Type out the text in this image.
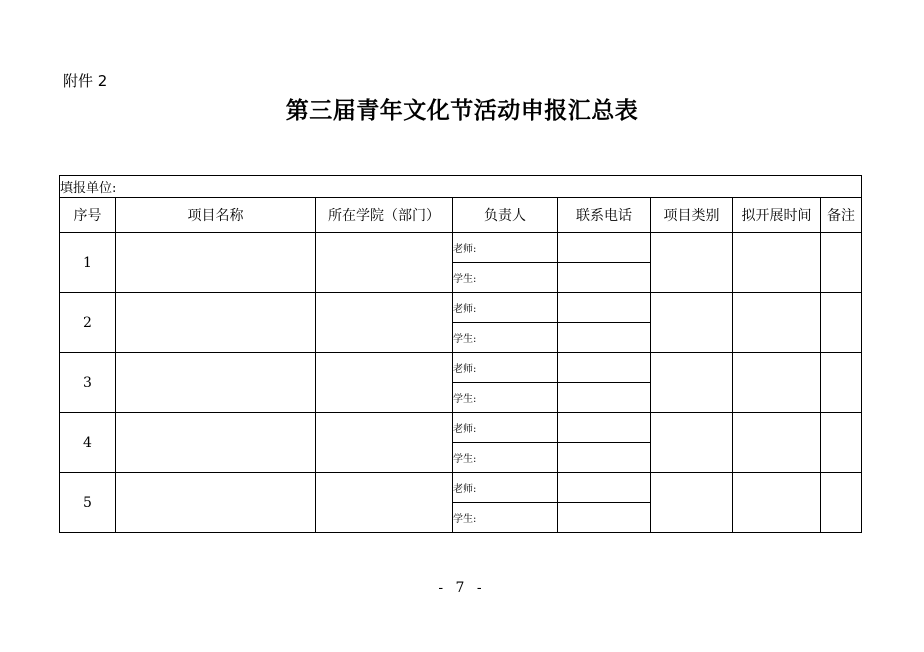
附件 2
第三届青年文化节活动申报汇总表
填报单位:							
序号	项目名称	所在学院（部门）	负责人	联系电话	项目类别	拟开展时间	备注
1			老师:				
			学生:				
2			老师:				
			学生:				
3			老师:				
			学生:				
4			老师:				
			学生:				
5			老师:				
			学生:				
- 7 -
